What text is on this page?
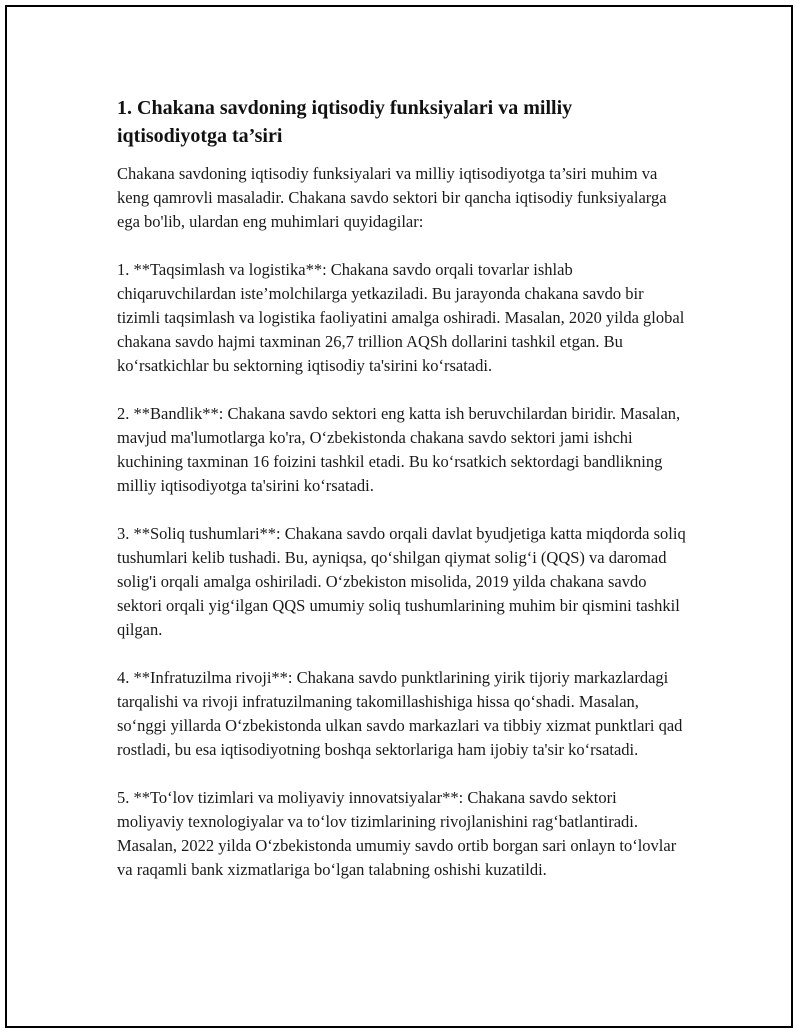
1. Chakana savdoning iqtisodiy funksiyalari va milliy iqtisodiyotga ta’siri

Chakana savdoning iqtisodiy funksiyalari va milliy iqtisodiyotga ta’siri muhim va keng qamrovli masaladir. Chakana savdo sektori bir qancha iqtisodiy funksiyalarga ega bo'lib, ulardan eng muhimlari quyidagilar:

1. **Taqsimlash va logistika**: Chakana savdo orqali tovarlar ishlab chiqaruvchilardan iste’molchilarga yetkaziladi. Bu jarayonda chakana savdo bir tizimli taqsimlash va logistika faoliyatini amalga oshiradi. Masalan, 2020 yilda global chakana savdo hajmi taxminan 26,7 trillion AQSh dollarini tashkil etgan. Bu ko‘rsatkichlar bu sektorning iqtisodiy ta'sirini ko‘rsatadi.

2. **Bandlik**: Chakana savdo sektori eng katta ish beruvchilardan biridir. Masalan, mavjud ma'lumotlarga ko'ra, O‘zbekistonda chakana savdo sektori jami ishchi kuchining taxminan 16 foizini tashkil etadi. Bu ko‘rsatkich sektordagi bandlikning milliy iqtisodiyotga ta'sirini ko‘rsatadi.

3. **Soliq tushumlari**: Chakana savdo orqali davlat byudjetiga katta miqdorda soliq tushumlari kelib tushadi. Bu, ayniqsa, qo‘shilgan qiymat solig‘i (QQS) va daromad solig'i orqali amalga oshiriladi. O‘zbekiston misolida, 2019 yilda chakana savdo sektori orqali yig‘ilgan QQS umumiy soliq tushumlarining muhim bir qismini tashkil qilgan.

4. **Infratuzilma rivoji**: Chakana savdo punktlarining yirik tijoriy markazlardagi tarqalishi va rivoji infratuzilmaning takomillashishiga hissa qo‘shadi. Masalan, so‘nggi yillarda O‘zbekistonda ulkan savdo markazlari va tibbiy xizmat punktlari qad rostladi, bu esa iqtisodiyotning boshqa sektorlariga ham ijobiy ta'sir ko‘rsatadi.

5. **To‘lov tizimlari va moliyaviy innovatsiyalar**: Chakana savdo sektori moliyaviy texnologiyalar va to‘lov tizimlarining rivojlanishini rag‘batlantiradi. Masalan, 2022 yilda O‘zbekistonda umumiy savdo ortib borgan sari onlayn to‘lovlar va raqamli bank xizmatlariga bo‘lgan talabning oshishi kuzatildi.
